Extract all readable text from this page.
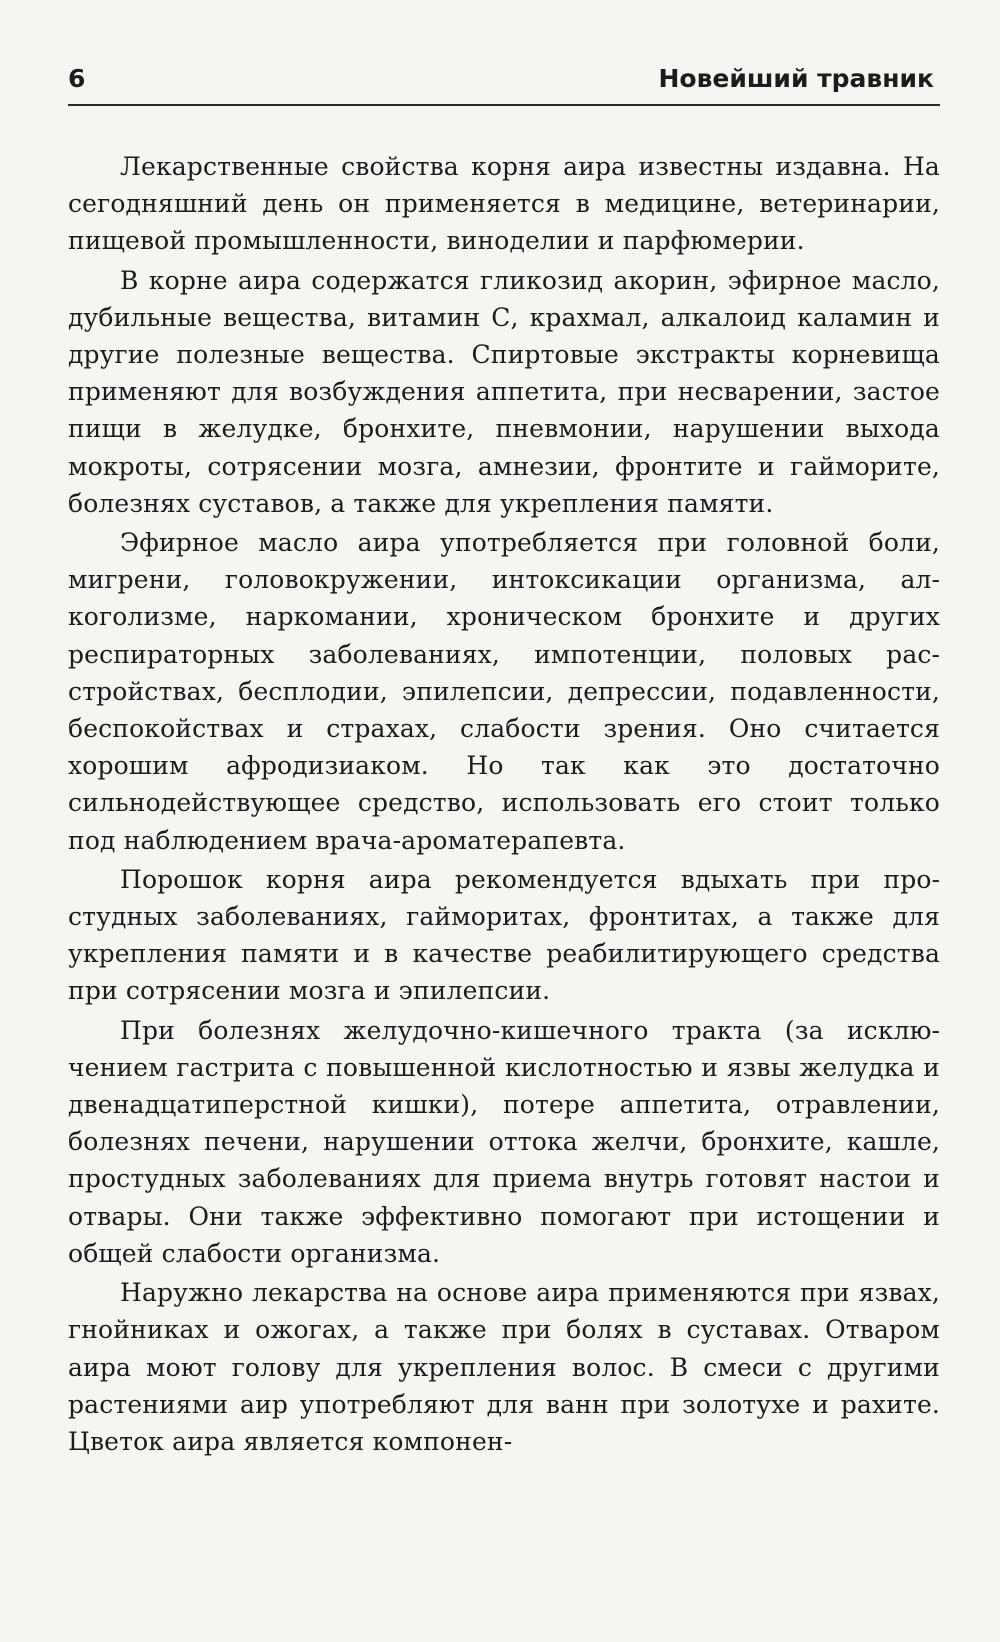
6	Новейший травник

Лекарственные свойства корня аира известны издавна. На сегодняшний день он применяется в медицине, ветеринарии, пищевой промышленности, виноделии и парфюмерии.

В корне аира содержатся гликозид акорин, эфирное масло, дубильные вещества, витамин С, крахмал, алкалоид каламин и другие полезные вещества. Спиртовые экстракты корневища применяют для возбуждения аппетита, при несварении, застое пищи в желудке, бронхите, пневмонии, нарушении выхода мокроты, сотрясении мозга, амнезии, фронтите и гайморите, болезнях суставов, а также для укрепления памяти.

Эфирное масло аира употребляется при головной боли, мигрени, головокружении, интоксикации организма, алкоголизме, наркомании, хроническом бронхите и других респираторных заболеваниях, импотенции, половых расстройствах, бесплодии, эпилепсии, депрессии, подавленности, беспокойствах и страхах, слабости зрения. Оно считается хорошим афродизиаком. Но так как это достаточно сильнодействующее средство, использовать его стоит только под наблюдением врача-ароматерапевта.

Порошок корня аира рекомендуется вдыхать при простудных заболеваниях, гайморитах, фронтитах, а также для укрепления памяти и в качестве реабилитирующего средства при сотрясении мозга и эпилепсии.

При болезнях желудочно-кишечного тракта (за исключением гастрита с повышенной кислотностью и язвы желудка и двенадцатиперстной кишки), потере аппетита, отравлении, болезнях печени, нарушении оттока желчи, бронхите, кашле, простудных заболеваниях для приема внутрь готовят настои и отвары. Они также эффективно помогают при истощении и общей слабости организма.

Наружно лекарства на основе аира применяются при язвах, гнойниках и ожогах, а также при болях в суставах. Отваром аира моют голову для укрепления волос. В смеси с другими растениями аир употребляют для ванн при золотухе и рахите. Цветок аира является компонен-
